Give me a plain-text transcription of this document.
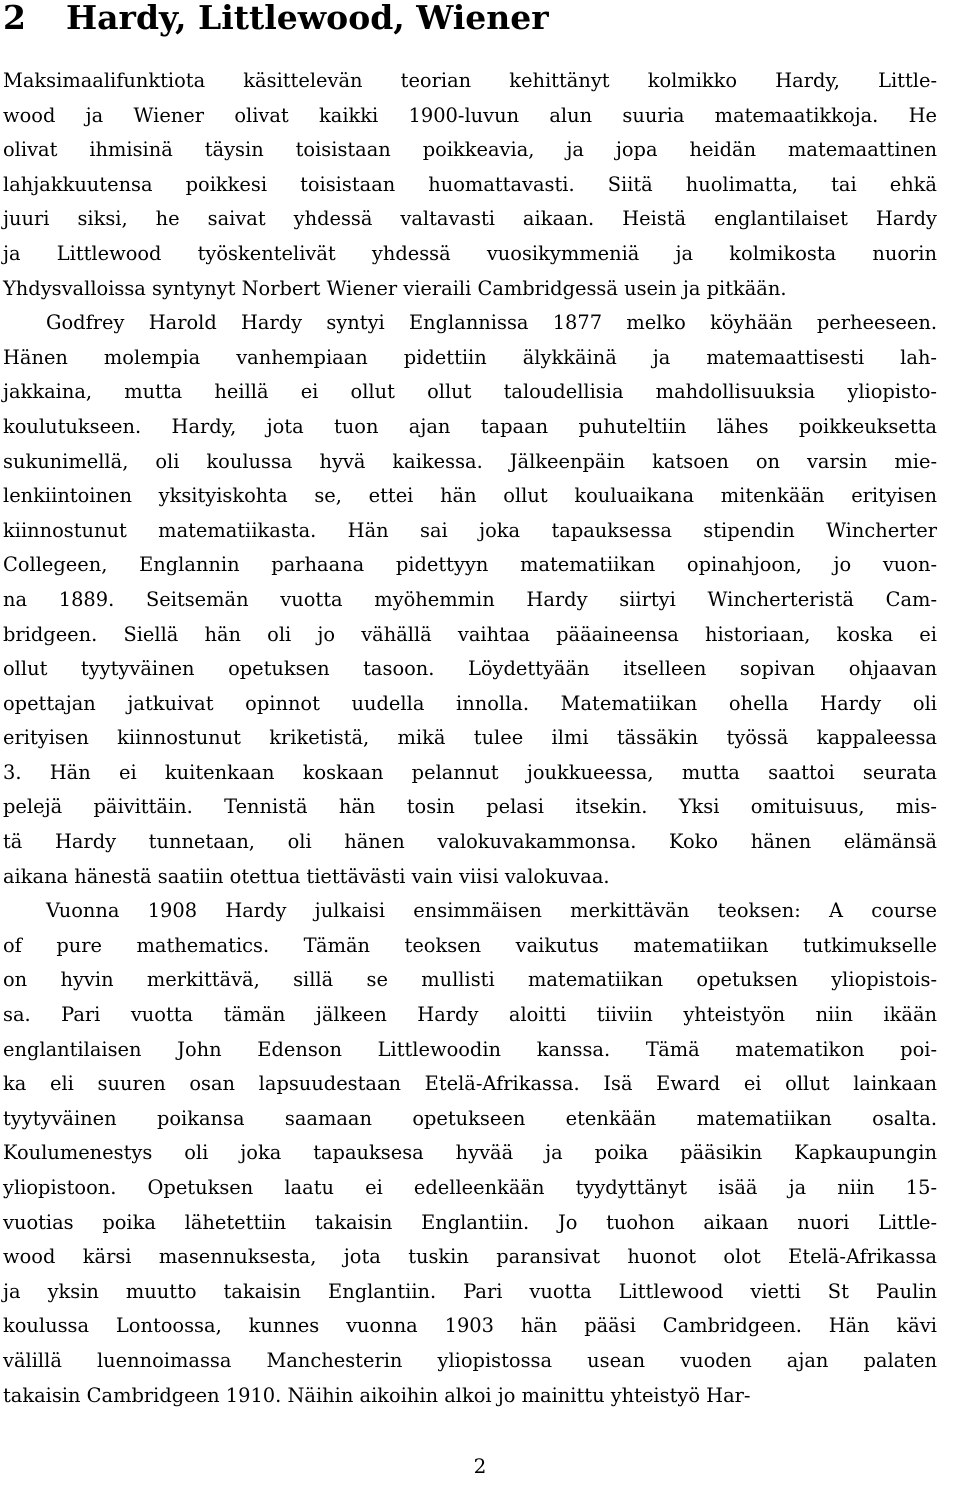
2 Hardy, Littlewood, Wiener
Maksimaalifunktiota käsittelevän teorian kehittänyt kolmikko Hardy, Little-
wood ja Wiener olivat kaikki 1900-luvun alun suuria matemaatikkoja. He
olivat ihmisinä täysin toisistaan poikkeavia, ja jopa heidän matemaattinen
lahjakkuutensa poikkesi toisistaan huomattavasti. Siitä huolimatta, tai ehkä
juuri siksi, he saivat yhdessä valtavasti aikaan. Heistä englantilaiset Hardy
ja Littlewood työskentelivät yhdessä vuosikymmeniä ja kolmikosta nuorin
Yhdysvalloissa syntynyt Norbert Wiener vieraili Cambridgessä usein ja pitkään.
Godfrey Harold Hardy syntyi Englannissa 1877 melko köyhään perheeseen.
Hänen molempia vanhempiaan pidettiin älykkäinä ja matemaattisesti lah-
jakkaina, mutta heillä ei ollut ollut taloudellisia mahdollisuuksia yliopisto-
koulutukseen. Hardy, jota tuon ajan tapaan puhuteltiin lähes poikkeuksetta
sukunimellä, oli koulussa hyvä kaikessa. Jälkeenpäin katsoen on varsin mie-
lenkiintoinen yksityiskohta se, ettei hän ollut kouluaikana mitenkään erityisen
kiinnostunut matematiikasta. Hän sai joka tapauksessa stipendin Wincherter
Collegeen, Englannin parhaana pidettyyn matematiikan opinahjoon, jo vuon-
na 1889. Seitsemän vuotta myöhemmin Hardy siirtyi Wincherteristä Cam-
bridgeen. Siellä hän oli jo vähällä vaihtaa pääaineensa historiaan, koska ei
ollut tyytyväinen opetuksen tasoon. Löydettyään itselleen sopivan ohjaavan
opettajan jatkuivat opinnot uudella innolla. Matematiikan ohella Hardy oli
erityisen kiinnostunut kriketistä, mikä tulee ilmi tässäkin työssä kappaleessa
3. Hän ei kuitenkaan koskaan pelannut joukkueessa, mutta saattoi seurata
pelejä päivittäin. Tennistä hän tosin pelasi itsekin. Yksi omituisuus, mis-
tä Hardy tunnetaan, oli hänen valokuvakammonsa. Koko hänen elämänsä
aikana hänestä saatiin otettua tiettävästi vain viisi valokuvaa.
Vuonna 1908 Hardy julkaisi ensimmäisen merkittävän teoksen: A course
of pure mathematics. Tämän teoksen vaikutus matematiikan tutkimukselle
on hyvin merkittävä, sillä se mullisti matematiikan opetuksen yliopistois-
sa. Pari vuotta tämän jälkeen Hardy aloitti tiiviin yhteistyön niin ikään
englantilaisen John Edenson Littlewoodin kanssa. Tämä matematikon poi-
ka eli suuren osan lapsuudestaan Etelä-Afrikassa. Isä Eward ei ollut lainkaan
tyytyväinen poikansa saamaan opetukseen etenkään matematiikan osalta.
Koulumenestys oli joka tapauksesa hyvää ja poika pääsikin Kapkaupungin
yliopistoon. Opetuksen laatu ei edelleenkään tyydyttänyt isää ja niin 15-
vuotias poika lähetettiin takaisin Englantiin. Jo tuohon aikaan nuori Little-
wood kärsi masennuksesta, jota tuskin paransivat huonot olot Etelä-Afrikassa
ja yksin muutto takaisin Englantiin. Pari vuotta Littlewood vietti St Paulin
koulussa Lontoossa, kunnes vuonna 1903 hän pääsi Cambridgeen. Hän kävi
välillä luennoimassa Manchesterin yliopistossa usean vuoden ajan palaten
takaisin Cambridgeen 1910. Näihin aikoihin alkoi jo mainittu yhteistyö Har-
2
